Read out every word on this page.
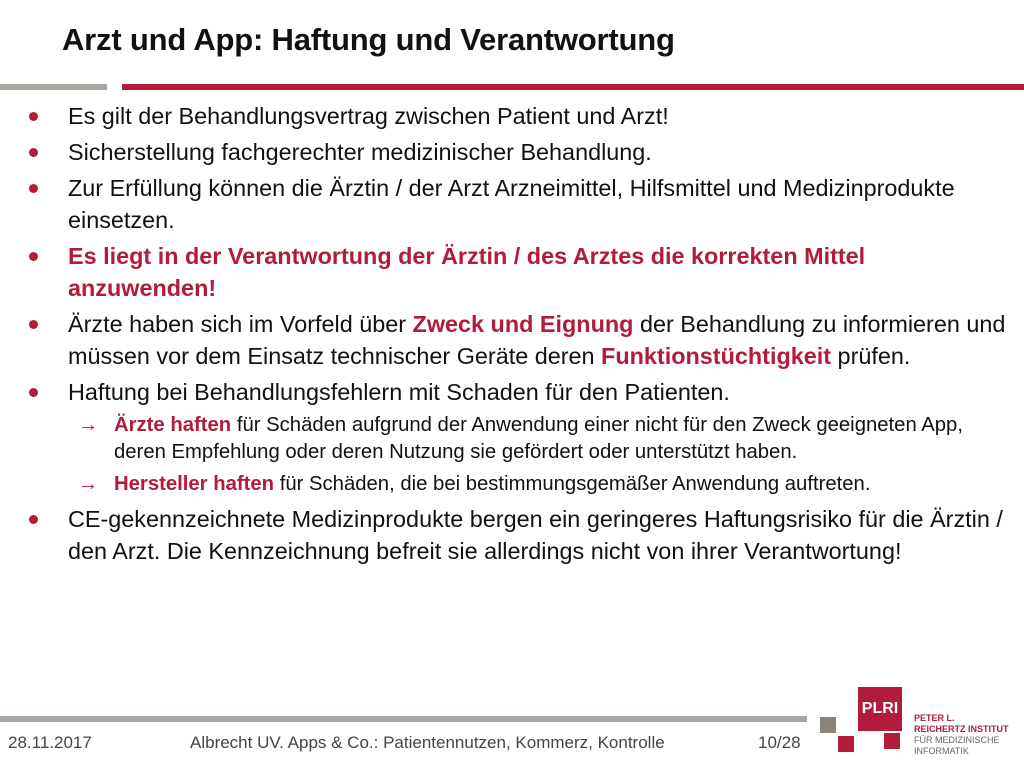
Arzt und App: Haftung und Verantwortung
Es gilt der Behandlungsvertrag zwischen Patient und Arzt!
Sicherstellung fachgerechter medizinischer Behandlung.
Zur Erfüllung können die Ärztin / der Arzt Arzneimittel, Hilfsmittel und Medizinprodukte einsetzen.
Es liegt in der Verantwortung der Ärztin / des Arztes die korrekten Mittel anzuwenden!
Ärzte haben sich im Vorfeld über Zweck und Eignung der Behandlung zu informieren und müssen vor dem Einsatz technischer Geräte deren Funktionstüchtigkeit prüfen.
Haftung bei Behandlungsfehlern mit Schaden für den Patienten.
→ Ärzte haften für Schäden aufgrund der Anwendung einer nicht für den Zweck geeigneten App, deren Empfehlung oder deren Nutzung sie gefördert oder unterstützt haben.
→ Hersteller haften für Schäden, die bei bestimmungsgemäßer Anwendung auftreten.
CE-gekennzeichnete Medizinprodukte bergen ein geringeres Haftungsrisiko für die Ärztin / den Arzt. Die Kennzeichnung befreit sie allerdings nicht von ihrer Verantwortung!
28.11.2017	Albrecht UV. Apps & Co.: Patientennutzen, Kommerz, Kontrolle	10/28
PLRI
PETER L.
REICHERTZ INSTITUT
FÜR MEDIZINISCHE
INFORMATIK
